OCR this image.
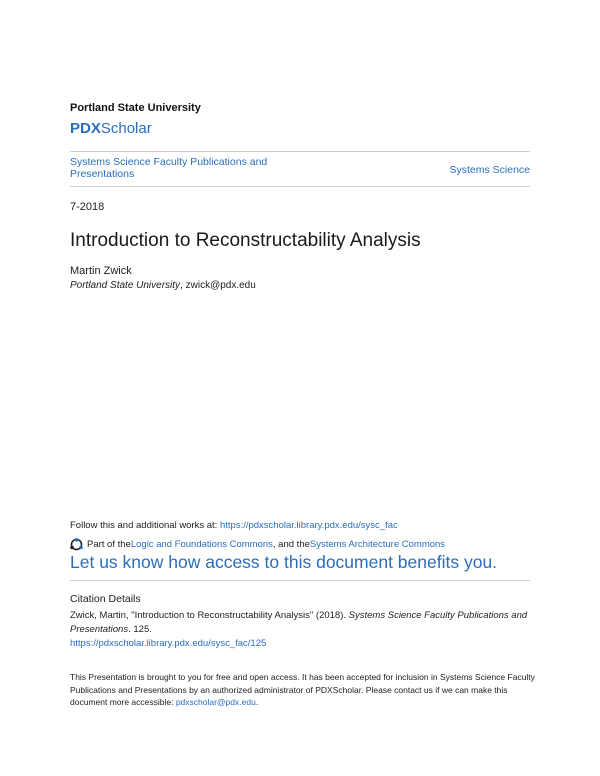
Portland State University
PDXScholar
Systems Science Faculty Publications and Presentations	Systems Science
7-2018
Introduction to Reconstructability Analysis
Martin Zwick
Portland State University, zwick@pdx.edu
Follow this and additional works at: https://pdxscholar.library.pdx.edu/sysc_fac
Part of the Logic and Foundations Commons , and the Systems Architecture Commons
Let us know how access to this document benefits you.
Citation Details
Zwick, Martin, "Introduction to Reconstructability Analysis" (2018). Systems Science Faculty Publications and Presentations. 125.
https://pdxscholar.library.pdx.edu/sysc_fac/125
This Presentation is brought to you for free and open access. It has been accepted for inclusion in Systems Science Faculty Publications and Presentations by an authorized administrator of PDXScholar. Please contact us if we can make this document more accessible: pdxscholar@pdx.edu.
